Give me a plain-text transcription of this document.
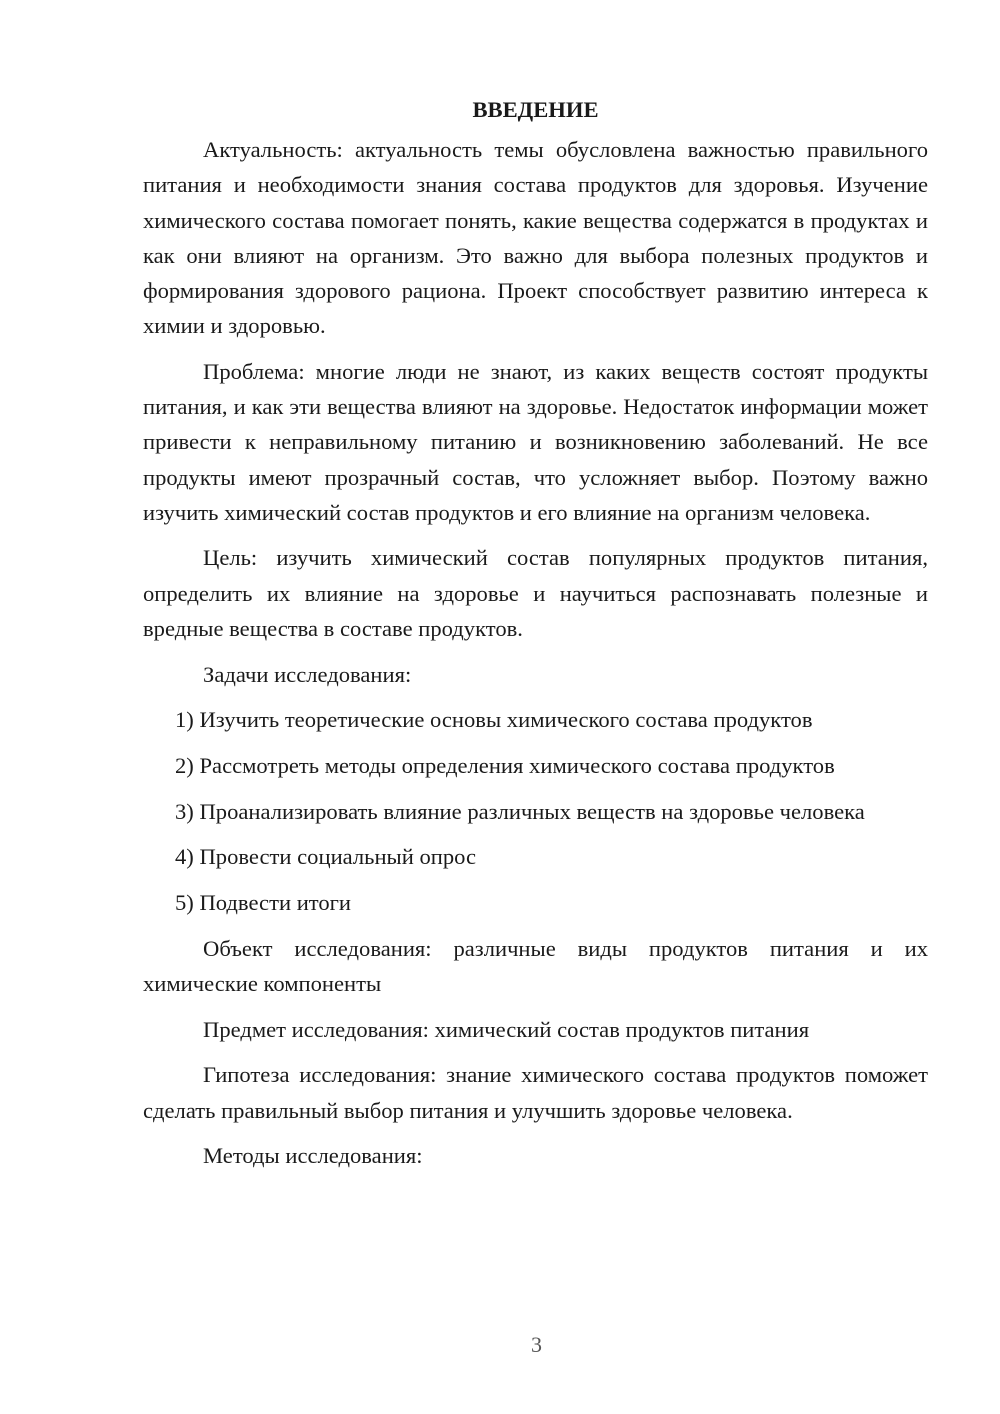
ВВЕДЕНИЕ

Актуальность: актуальность темы обусловлена важностью правильного питания и необходимости знания состава продуктов для здоровья. Изучение химического состава помогает понять, какие вещества содержатся в продуктах и как они влияют на организм. Это важно для выбора полезных продуктов и формирования здорового рациона. Проект способствует развитию интереса к химии и здоровью.

Проблема: многие люди не знают, из каких веществ состоят продукты питания, и как эти вещества влияют на здоровье. Недостаток информации может привести к неправильному питанию и возникновению заболеваний. Не все продукты имеют прозрачный состав, что усложняет выбор. Поэтому важно изучить химический состав продуктов и его влияние на организм человека.

Цель: изучить химический состав популярных продуктов питания, определить их влияние на здоровье и научиться распознавать полезные и вредные вещества в составе продуктов.

Задачи исследования:

1) Изучить теоретические основы химического состава продуктов

2) Рассмотреть методы определения химического состава продуктов

3) Проанализировать влияние различных веществ на здоровье человека

4) Провести социальный опрос

5) Подвести итоги

Объект исследования: различные виды продуктов питания и их химические компоненты

Предмет исследования: химический состав продуктов питания

Гипотеза исследования: знание химического состава продуктов поможет сделать правильный выбор питания и улучшить здоровье человека.

Методы исследования:

3
